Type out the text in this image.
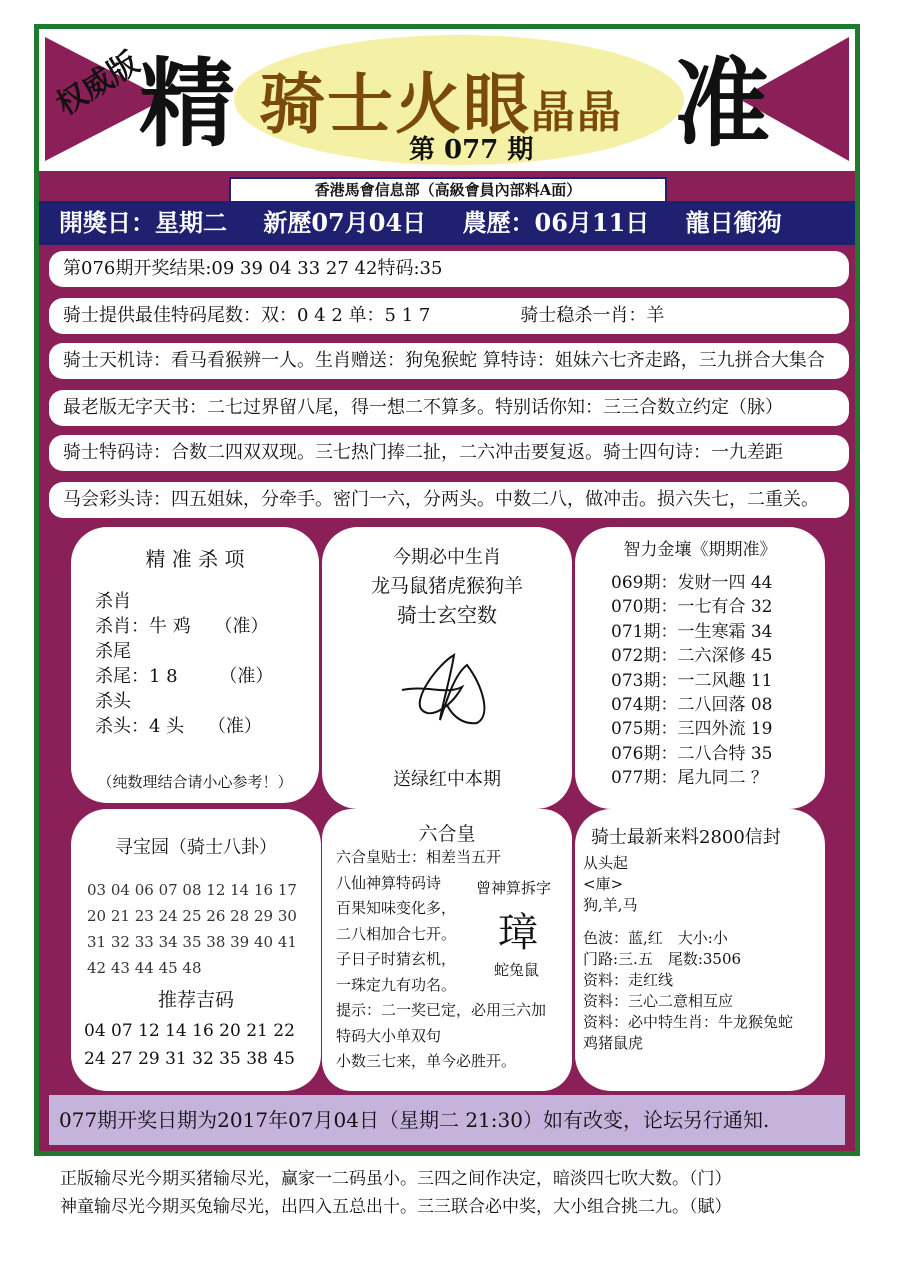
权威版
精	准
骑士火眼晶晶
第 077 期
香港馬會信息部（高級會員內部料A面）
開獎日：星期二 新歷07月04日 農歷：06月11日 龍日衝狗
第076期开奖结果:09 39 04 33 27 42特码:35
骑士提供最佳特码尾数：双：0 4 2 单：5 1 7　　　　　骑士稳杀一肖：羊
骑士天机诗：看马看猴辨一人。生肖赠送：狗兔猴蛇 算特诗：姐妹六七齐走路，三九拼合大集合
最老版无字天书：二七过界留八尾，得一想二不算多。特别话你知：三三合数立约定（脉）
骑士特码诗：合数二四双双现。三七热门捧二扯，二六冲击要复返。骑士四句诗：一九差距
马会彩头诗：四五姐妹，分牵手。密门一六，分两头。中数二八，做冲击。损六失七，二重关。
精 准 杀 项
杀肖
杀肖：牛 鸡　 （准）
杀尾
杀尾：1 8　　 （准）
杀头
杀头：4 头　 （准）
（纯数理结合请小心参考！）
今期必中生肖
龙马鼠猪虎猴狗羊
骑士玄空数
送绿红中本期
智力金壤《期期准》
069期：发财一四 44
070期：一七有合 32
071期：一生寒霜 34
072期：二六深修 45
073期：一二风趣 11
074期：二八回落 08
075期：三四外流 19
076期：二八合特 35
077期：尾九同二 ？
寻宝园（骑士八卦）
03 04 06 07 08 12 14 16 17
20 21 23 24 25 26 28 29 30
31 32 33 34 35 38 39 40 41
42 43 44 45 48
推荐吉码
04 07 12 14 16 20 21 22
24 27 29 31 32 35 38 45
六合皇
六合皇贴士：相差当五开
八仙神算特码诗
百果知味变化多，
二八相加合七开。
子日子时猜玄机，
一珠定九有功名。
提示：二一奖已定，必用三六加
特码大小单双句
小数三七来，单今必胜开。
曾神算拆字
璋
蛇兔鼠
骑士最新来料2800信封
从头起
<庫>
狗,羊,马
色波：蓝,红　大小:小
门路:三.五　尾数:3506
资料：走红线
资料：三心二意相互应
资料：必中特生肖：牛龙猴兔蛇
鸡猪鼠虎
077期开奖日期为2017年07月04日（星期二 21:30）如有改变，论坛另行通知.
正版输尽光今期买猪输尽光，赢家一二码虽小。三四之间作决定，暗淡四七吹大数。（门）
神童输尽光今期买兔输尽光，出四入五总出十。三三联合必中奖，大小组合挑二九。（賦）
